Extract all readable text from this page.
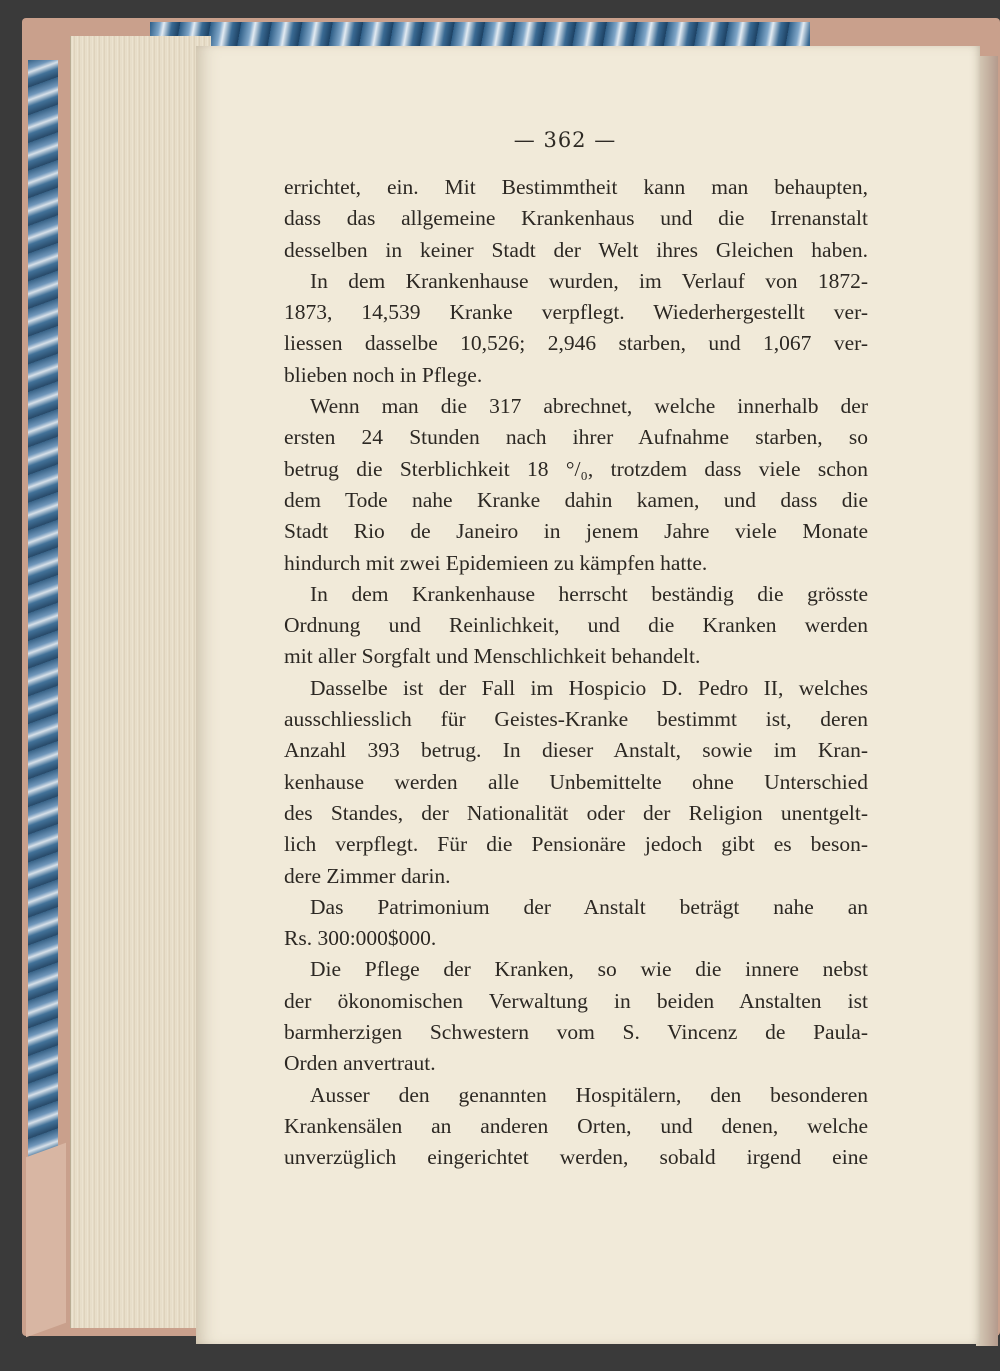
— 362 —
errichtet, ein. Mit Bestimmtheit kann man behaupten,
dass das allgemeine Krankenhaus und die Irrenanstalt
desselben in keiner Stadt der Welt ihres Gleichen haben.
In dem Krankenhause wurden, im Verlauf von 1872-
1873, 14,539 Kranke verpflegt. Wiederhergestellt ver-
liessen dasselbe 10,526; 2,946 starben, und 1,067 ver-
blieben noch in Pflege.
Wenn man die 317 abrechnet, welche innerhalb der
ersten 24 Stunden nach ihrer Aufnahme starben, so
betrug die Sterblichkeit 18 °/₀, trotzdem dass viele schon
dem Tode nahe Kranke dahin kamen, und dass die
Stadt Rio de Janeiro in jenem Jahre viele Monate
hindurch mit zwei Epidemieen zu kämpfen hatte.
In dem Krankenhause herrscht beständig die grösste
Ordnung und Reinlichkeit, und die Kranken werden
mit aller Sorgfalt und Menschlichkeit behandelt.
Dasselbe ist der Fall im Hospicio D. Pedro II, welches
ausschliesslich für Geistes-Kranke bestimmt ist, deren
Anzahl 393 betrug. In dieser Anstalt, sowie im Kran-
kenhause werden alle Unbemittelte ohne Unterschied
des Standes, der Nationalität oder der Religion unentgelt-
lich verpflegt. Für die Pensionäre jedoch gibt es beson-
dere Zimmer darin.
Das Patrimonium der Anstalt beträgt nahe an
Rs. 300:000$000.
Die Pflege der Kranken, so wie die innere nebst
der ökonomischen Verwaltung in beiden Anstalten ist
barmherzigen Schwestern vom S. Vincenz de Paula-
Orden anvertraut.
Ausser den genannten Hospitälern, den besonderen
Krankensälen an anderen Orten, und denen, welche
unverzüglich eingerichtet werden, sobald irgend eine
